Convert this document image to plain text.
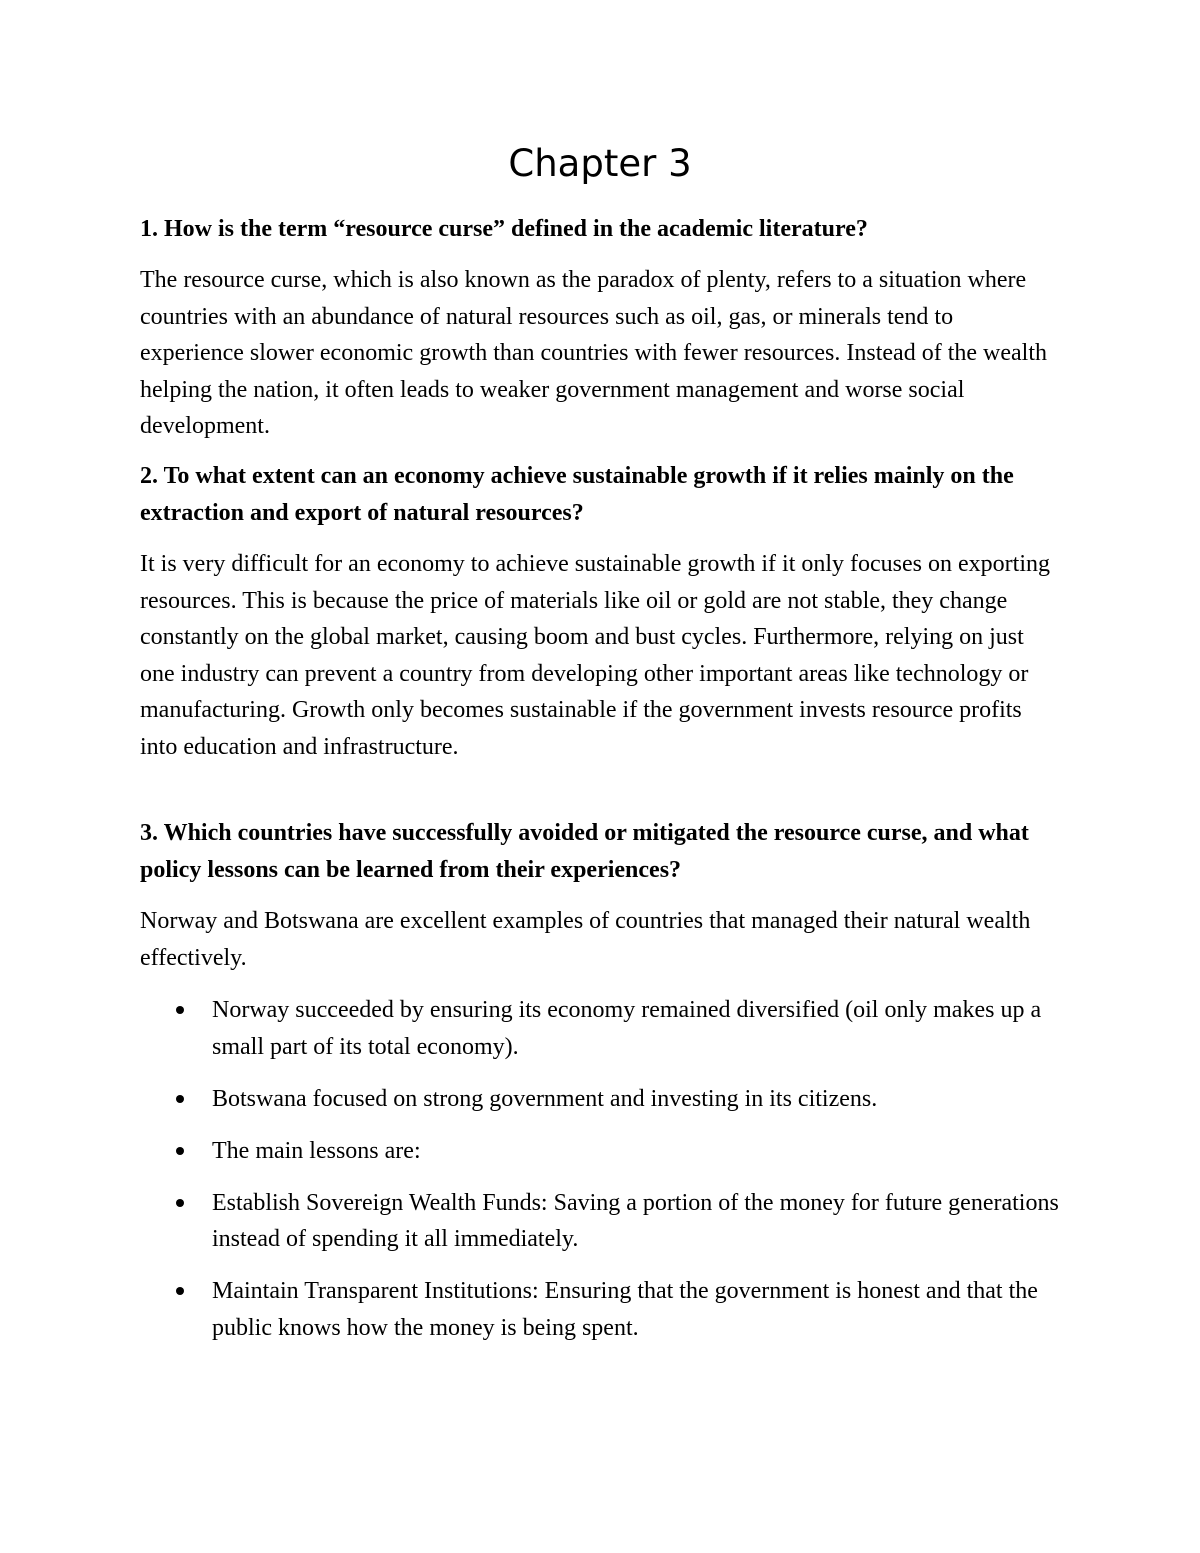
Chapter 3

1. How is the term “resource curse” defined in the academic literature?

The resource curse, which is also known as the paradox of plenty, refers to a situation where countries with an abundance of natural resources such as oil, gas, or minerals tend to experience slower economic growth than countries with fewer resources. Instead of the wealth helping the nation, it often leads to weaker government management and worse social development.

2. To what extent can an economy achieve sustainable growth if it relies mainly on the extraction and export of natural resources?

It is very difficult for an economy to achieve sustainable growth if it only focuses on exporting resources. This is because the price of materials like oil or gold are not stable, they change constantly on the global market, causing boom and bust cycles. Furthermore, relying on just one industry can prevent a country from developing other important areas like technology or manufacturing. Growth only becomes sustainable if the government invests resource profits into education and infrastructure.

3. Which countries have successfully avoided or mitigated the resource curse, and what policy lessons can be learned from their experiences?

Norway and Botswana are excellent examples of countries that managed their natural wealth effectively.

Norway succeeded by ensuring its economy remained diversified (oil only makes up a small part of its total economy).
Botswana focused on strong government and investing in its citizens.
The main lessons are:
Establish Sovereign Wealth Funds: Saving a portion of the money for future generations instead of spending it all immediately.
Maintain Transparent Institutions: Ensuring that the government is honest and that the public knows how the money is being spent.
